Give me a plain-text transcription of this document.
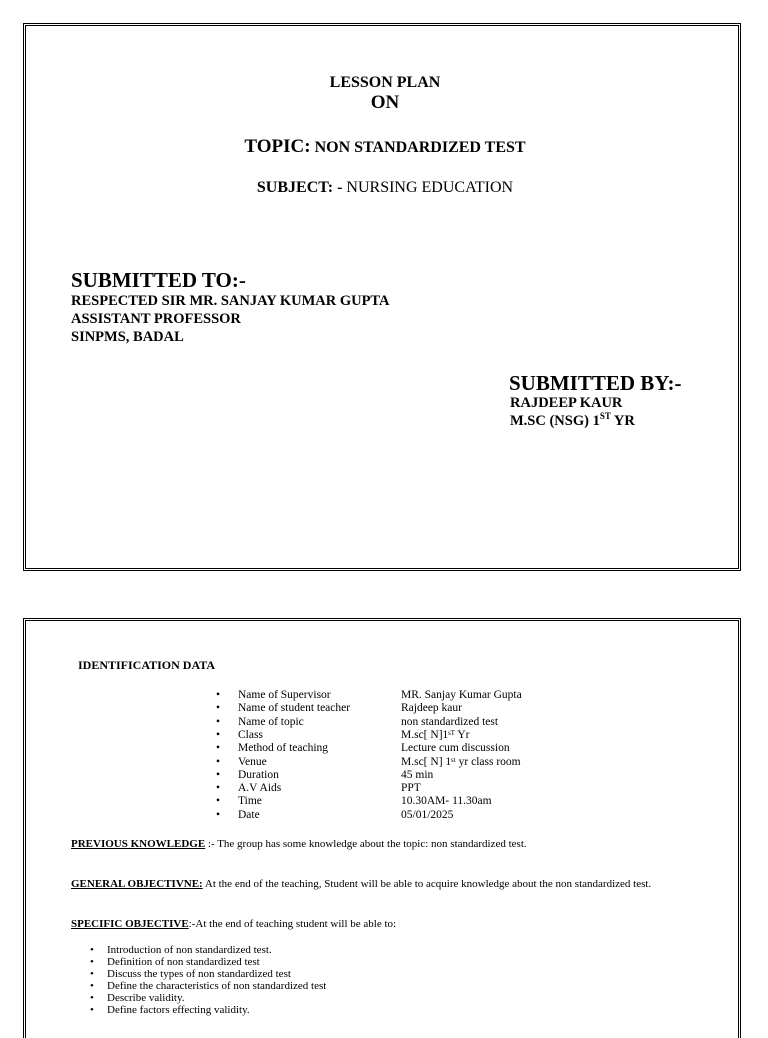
LESSON PLAN
ON
TOPIC: NON STANDARDIZED TEST
SUBJECT: - NURSING EDUCATION
SUBMITTED TO:-
RESPECTED SIR MR. SANJAY KUMAR GUPTA
ASSISTANT PROFESSOR
SINPMS, BADAL
SUBMITTED BY:-
RAJDEEP KAUR
M.SC (NSG) 1ST YR
IDENTIFICATION DATA
• Name of Supervisor	MR. Sanjay Kumar Gupta
• Name of student teacher	Rajdeep kaur
• Name of topic	non standardized test
• Class	M.sc[ N]1ˢᵀ Yr
• Method of teaching	Lecture cum discussion
• Venue	M.sc[ N] 1ˢᵗ yr class room
• Duration	45 min
• A.V Aids	PPT
• Time	10.30AM- 11.30am
• Date	05/01/2025
PREVIOUS KNOWLEDGE :- The group has some knowledge about the topic: non standardized test.
GENERAL OBJECTIVNE: At the end of the teaching, Student will be able to acquire knowledge about the non standardized test.
SPECIFIC OBJECTIVE:-At the end of teaching student will be able to:
• Introduction of non standardized test.
• Definition of non standardized test
• Discuss the types of non standardized test
• Define the characteristics of non standardized test
• Describe validity.
• Define factors effecting validity.
